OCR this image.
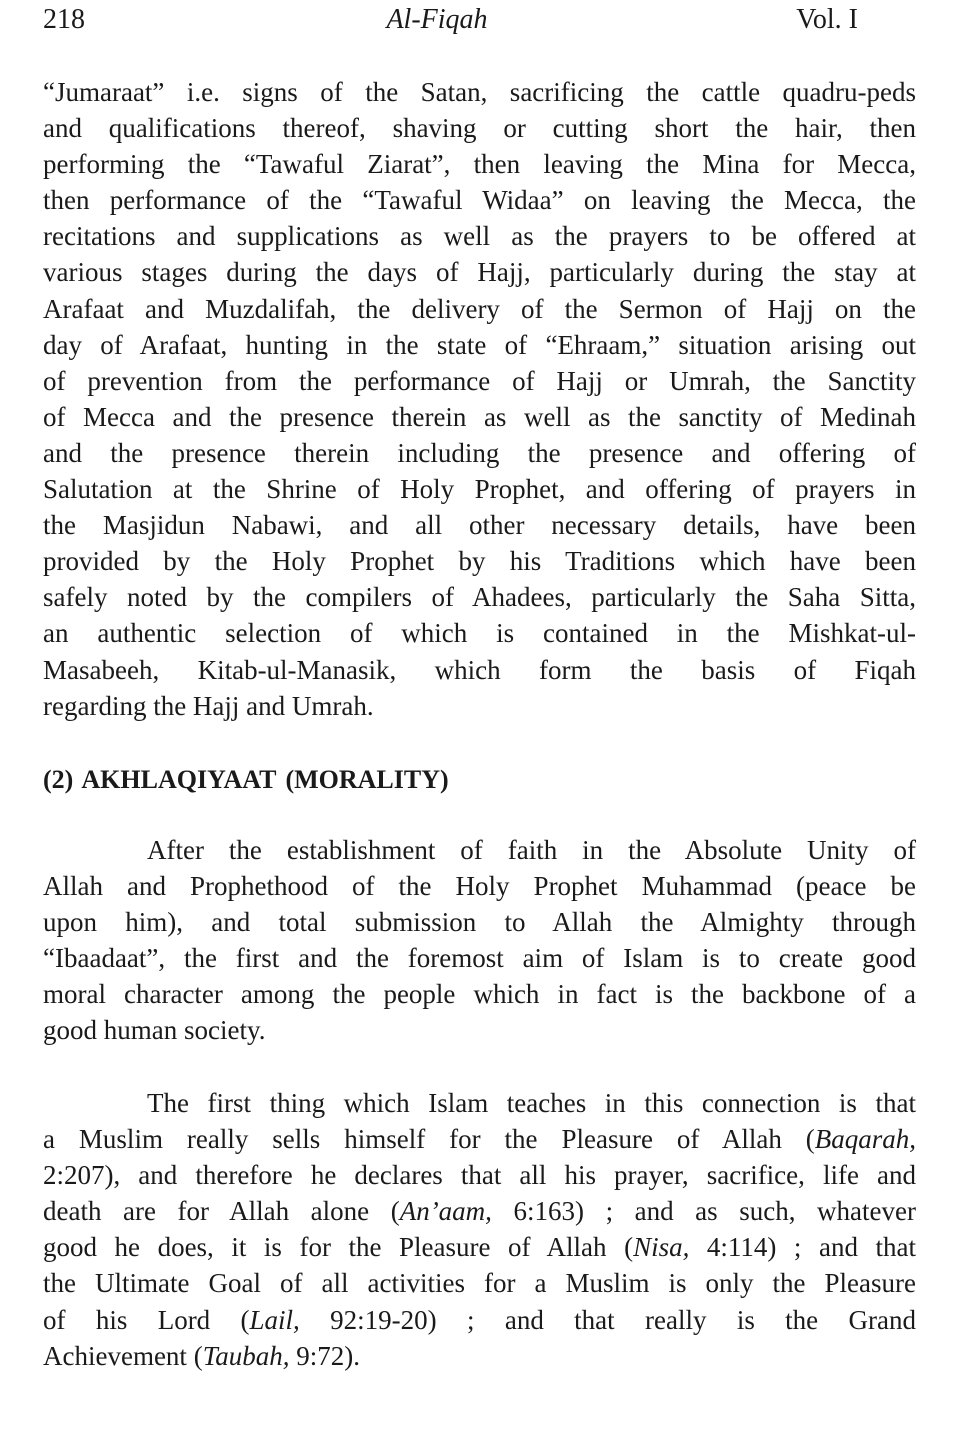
218	Al-Fiqah	Vol. I
“Jumaraat” i.e. signs of the Satan, sacrificing the cattle quadru-peds
and qualifications thereof, shaving or cutting short the hair, then
performing the “Tawaful Ziarat”, then leaving the Mina for Mecca,
then performance of the “Tawaful Widaa” on leaving the Mecca, the
recitations and supplications as well as the prayers to be offered at
various stages during the days of Hajj, particularly during the stay at
Arafaat and Muzdalifah, the delivery of the Sermon of Hajj on the
day of Arafaat, hunting in the state of “Ehraam,” situation arising out
of prevention from the performance of Hajj or Umrah, the Sanctity
of Mecca and the presence therein as well as the sanctity of Medinah
and the presence therein including the presence and offering of
Salutation at the Shrine of Holy Prophet, and offering of prayers in
the Masjidun Nabawi, and all other necessary details, have been
provided by the Holy Prophet by his Traditions which have been
safely noted by the compilers of Ahadees, particularly the Saha Sitta,
an authentic selection of which is contained in the Mishkat-ul-
Masabeeh, Kitab-ul-Manasik, which form the basis of Fiqah
regarding the Hajj and Umrah.
(2) AKHLAQIYAAT (MORALITY)
After the establishment of faith in the Absolute Unity of
Allah and Prophethood of the Holy Prophet Muhammad (peace be
upon him), and total submission to Allah the Almighty through
“Ibaadaat”, the first and the foremost aim of Islam is to create good
moral character among the people which in fact is the backbone of a
good human society.
The first thing which Islam teaches in this connection is that
a Muslim really sells himself for the Pleasure of Allah (Baqarah,
2:207), and therefore he declares that all his prayer, sacrifice, life and
death are for Allah alone (An’aam, 6:163) ; and as such, whatever
good he does, it is for the Pleasure of Allah (Nisa, 4:114) ; and that
the Ultimate Goal of all activities for a Muslim is only the Pleasure
of his Lord (Lail, 92:19-20) ; and that really is the Grand
Achievement (Taubah, 9:72).
